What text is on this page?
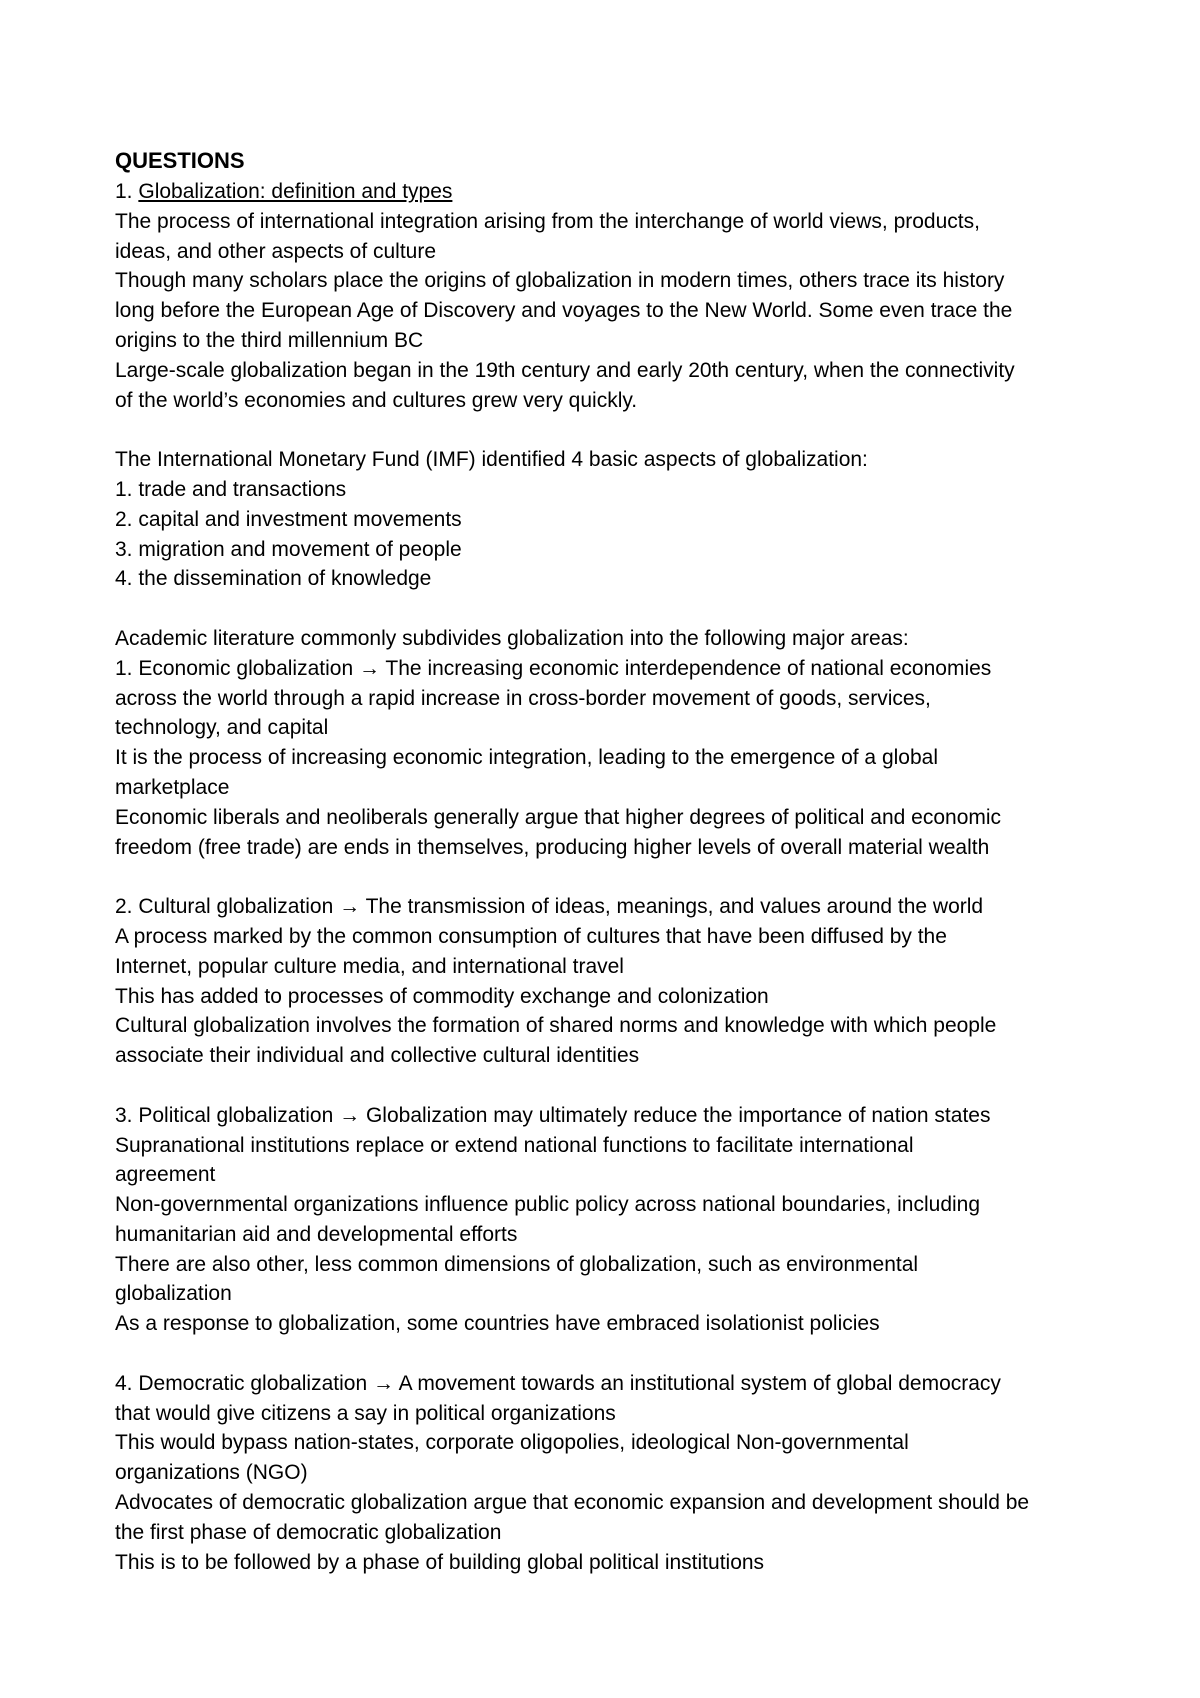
QUESTIONS
1. Globalization: definition and types
The process of international integration arising from the interchange of world views, products,
ideas, and other aspects of culture
Though many scholars place the origins of globalization in modern times, others trace its history
long before the European Age of Discovery and voyages to the New World. Some even trace the
origins to the third millennium BC
Large-scale globalization began in the 19th century and early 20th century, when the connectivity
of the world’s economies and cultures grew very quickly.
The International Monetary Fund (IMF) identified 4 basic aspects of globalization:
1. trade and transactions
2. capital and investment movements
3. migration and movement of people
4. the dissemination of knowledge
Academic literature commonly subdivides globalization into the following major areas:
1. Economic globalization → The increasing economic interdependence of national economies
across the world through a rapid increase in cross-border movement of goods, services,
technology, and capital
It is the process of increasing economic integration, leading to the emergence of a global
marketplace
Economic liberals and neoliberals generally argue that higher degrees of political and economic
freedom (free trade) are ends in themselves, producing higher levels of overall material wealth
2. Cultural globalization → The transmission of ideas, meanings, and values around the world
A process marked by the common consumption of cultures that have been diffused by the
Internet, popular culture media, and international travel
This has added to processes of commodity exchange and colonization
Cultural globalization involves the formation of shared norms and knowledge with which people
associate their individual and collective cultural identities
3. Political globalization → Globalization may ultimately reduce the importance of nation states
Supranational institutions replace or extend national functions to facilitate international
agreement
Non-governmental organizations influence public policy across national boundaries, including
humanitarian aid and developmental efforts
There are also other, less common dimensions of globalization, such as environmental
globalization
As a response to globalization, some countries have embraced isolationist policies
4. Democratic globalization → A movement towards an institutional system of global democracy
that would give citizens a say in political organizations
This would bypass nation-states, corporate oligopolies, ideological Non-governmental
organizations (NGO)
Advocates of democratic globalization argue that economic expansion and development should be
the first phase of democratic globalization
This is to be followed by a phase of building global political institutions
